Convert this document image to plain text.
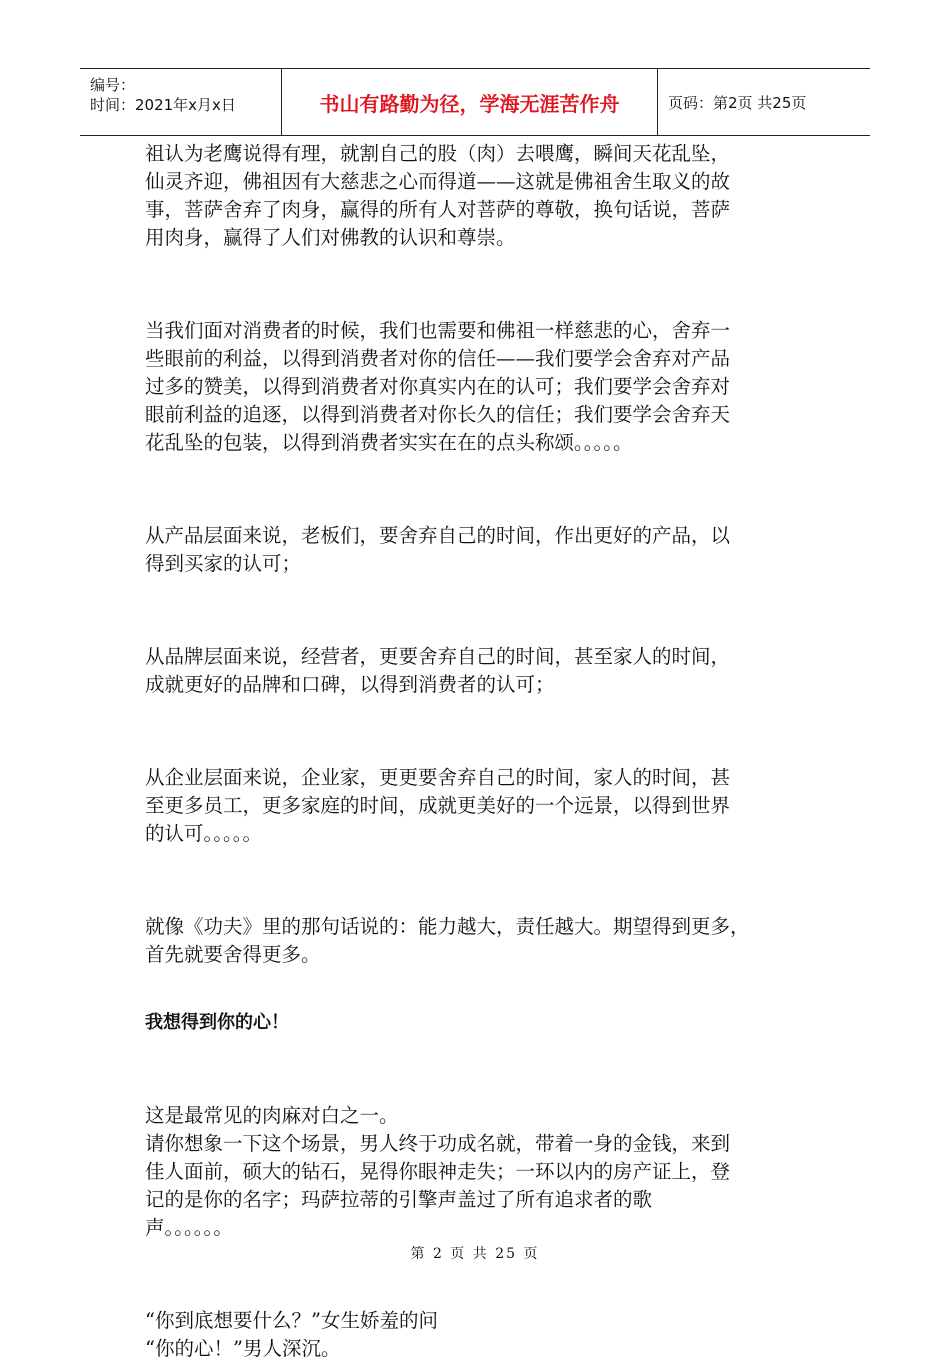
编号：
时间：2021年x月x日	书山有路勤为径，学海无涯苦作舟	页码：第2页 共25页

祖认为老鹰说得有理，就割自己的股（肉）去喂鹰，瞬间天花乱坠，
仙灵齐迎，佛祖因有大慈悲之心而得道——这就是佛祖舍生取义的故
事，菩萨舍弃了肉身，赢得的所有人对菩萨的尊敬，换句话说，菩萨
用肉身，赢得了人们对佛教的认识和尊崇。

当我们面对消费者的时候，我们也需要和佛祖一样慈悲的心，舍弃一
些眼前的利益，以得到消费者对你的信任——我们要学会舍弃对产品
过多的赞美，以得到消费者对你真实内在的认可；我们要学会舍弃对
眼前利益的追逐，以得到消费者对你长久的信任；我们要学会舍弃天
花乱坠的包装，以得到消费者实实在在的点头称颂。。。。。

从产品层面来说，老板们，要舍弃自己的时间，作出更好的产品，以
得到买家的认可；

从品牌层面来说，经营者，更要舍弃自己的时间，甚至家人的时间，
成就更好的品牌和口碑，以得到消费者的认可；

从企业层面来说，企业家，更更要舍弃自己的时间，家人的时间，甚
至更多员工，更多家庭的时间，成就更美好的一个远景，以得到世界
的认可。。。。。

就像《功夫》里的那句话说的：能力越大，责任越大。期望得到更多，
首先就要舍得更多。

我想得到你的心！

这是最常见的肉麻对白之一。
请你想象一下这个场景，男人终于功成名就，带着一身的金钱，来到
佳人面前，硕大的钻石，晃得你眼神走失；一环以内的房产证上，登
记的是你的名字；玛萨拉蒂的引擎声盖过了所有追求者的歌
声。。。。。。

“你到底想要什么？”女生娇羞的问
“你的心！”男人深沉。

第 2 页 共 25 页
